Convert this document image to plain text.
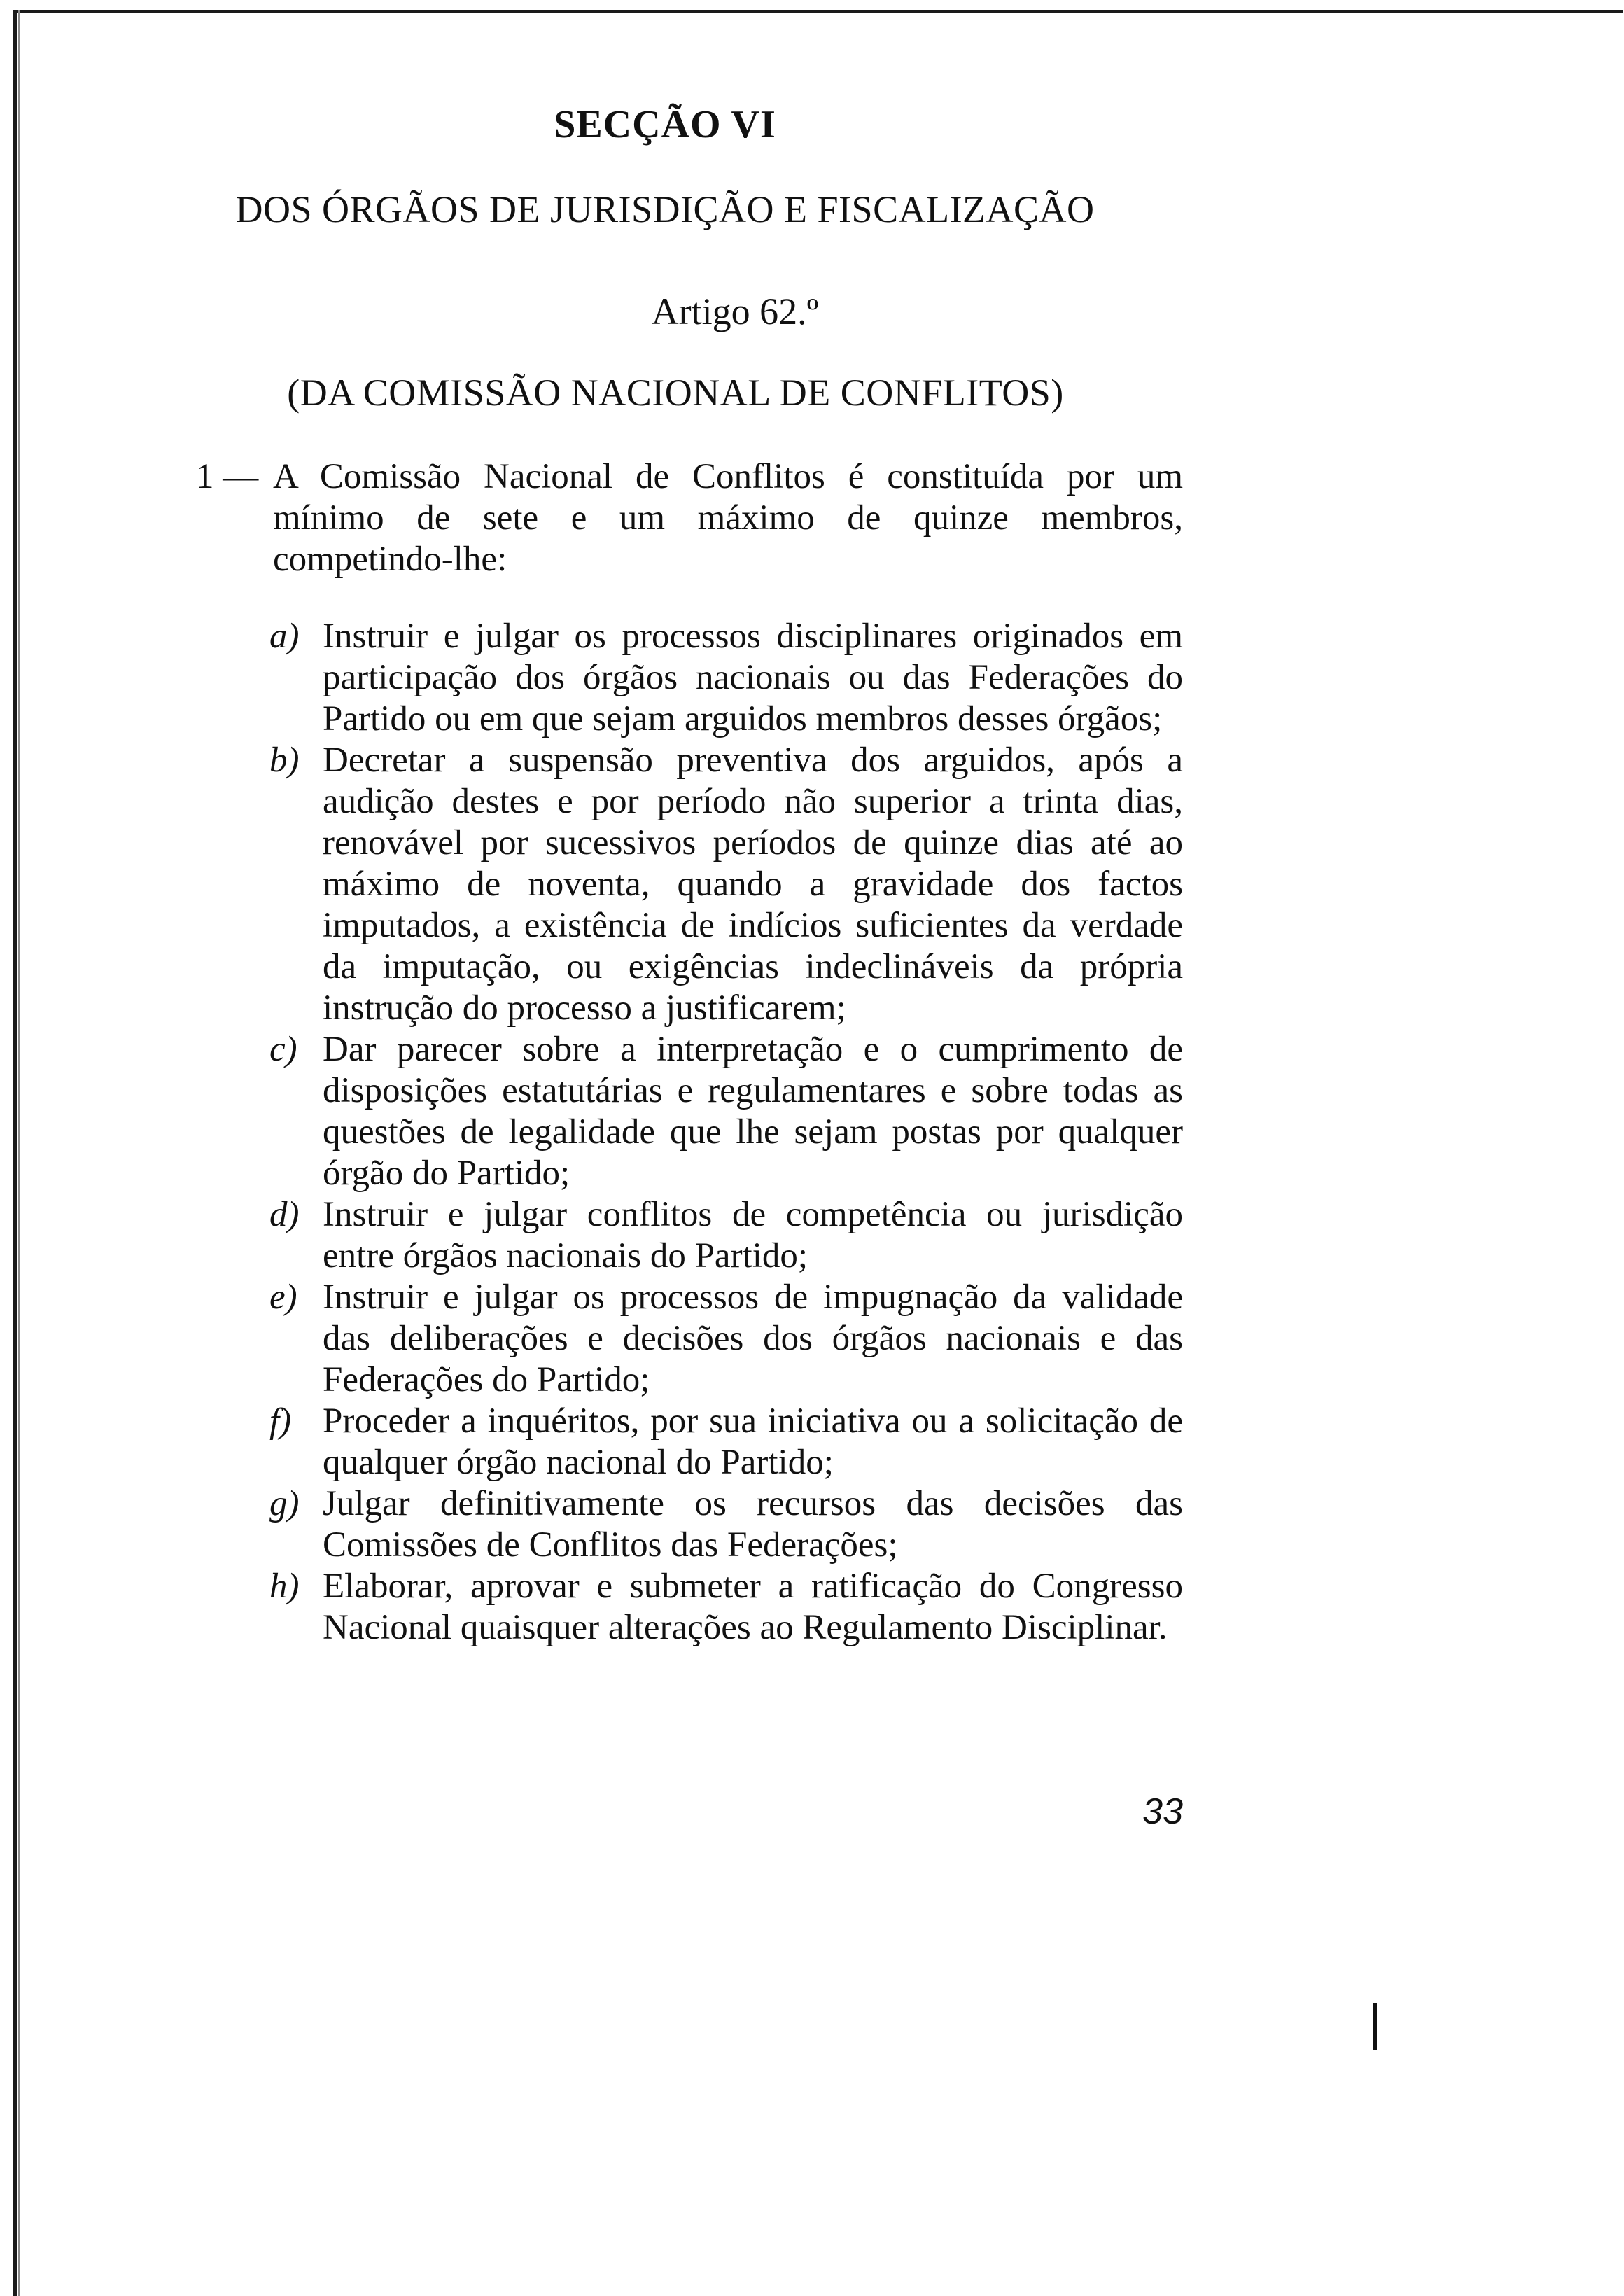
SECÇÃO VI
DOS ÓRGÃOS DE JURISDIÇÃO E FISCALIZAÇÃO
Artigo 62.º
(DA COMISSÃO NACIONAL DE CONFLITOS)
1 — A Comissão Nacional de Conflitos é constituída por um mínimo de sete e um máximo de quinze membros, competindo-lhe:
a) Instruir e julgar os processos disciplinares originados em participação dos órgãos nacionais ou das Federações do Partido ou em que sejam arguidos membros desses órgãos;
b) Decretar a suspensão preventiva dos arguidos, após a audição destes e por período não superior a trinta dias, renovável por sucessivos períodos de quinze dias até ao máximo de noventa, quando a gravidade dos factos imputados, a existência de indícios suficientes da verdade da imputação, ou exigências indeclináveis da própria instrução do processo a justificarem;
c) Dar parecer sobre a interpretação e o cumprimento de disposições estatutárias e regulamentares e sobre todas as questões de legalidade que lhe sejam postas por qualquer órgão do Partido;
d) Instruir e julgar conflitos de competência ou jurisdição entre órgãos nacionais do Partido;
e) Instruir e julgar os processos de impugnação da validade das deliberações e decisões dos órgãos nacionais e das Federações do Partido;
f) Proceder a inquéritos, por sua iniciativa ou a solicitação de qualquer órgão nacional do Partido;
g) Julgar definitivamente os recursos das decisões das Comissões de Conflitos das Federações;
h) Elaborar, aprovar e submeter a ratificação do Congresso Nacional quaisquer alterações ao Regulamento Disciplinar.
33
